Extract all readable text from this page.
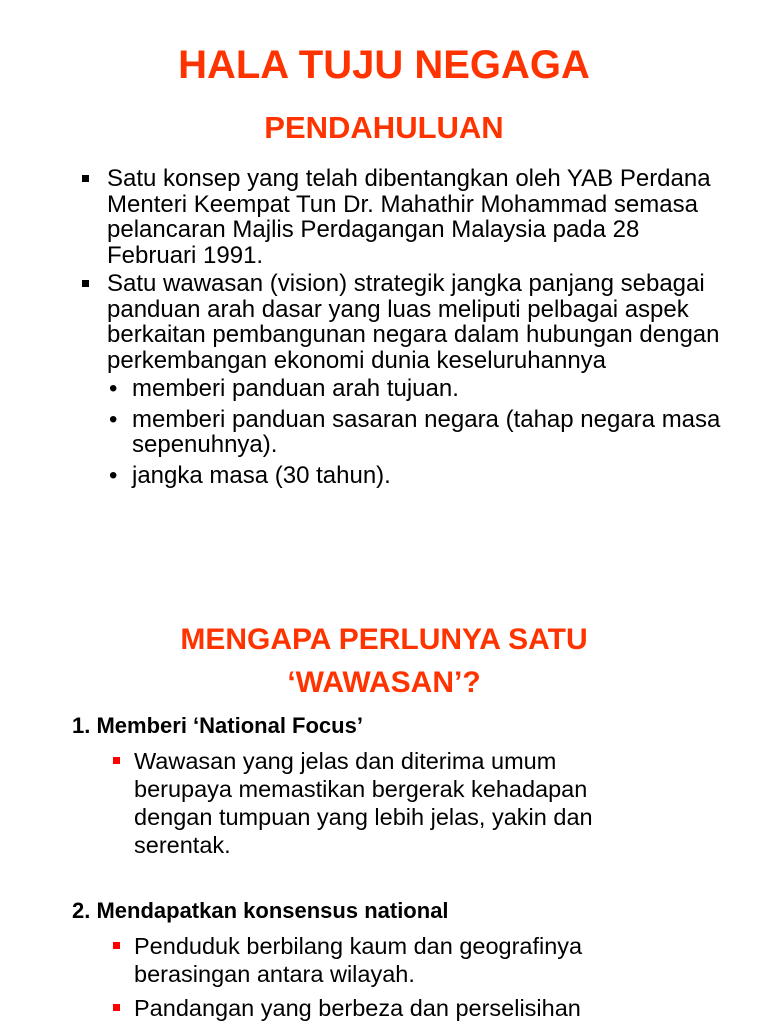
HALA TUJU NEGAGA
PENDAHULUAN
Satu konsep yang telah dibentangkan oleh YAB Perdana Menteri Keempat Tun Dr. Mahathir Mohammad semasa pelancaran Majlis Perdagangan Malaysia pada 28 Februari 1991.
Satu wawasan (vision) strategik jangka panjang sebagai panduan arah dasar yang luas meliputi pelbagai aspek berkaitan pembangunan negara dalam hubungan dengan perkembangan ekonomi dunia keseluruhannya
• memberi panduan arah tujuan.
• memberi panduan sasaran negara (tahap negara masa sepenuhnya).
• jangka masa (30 tahun).
MENGAPA PERLUNYA SATU
‘WAWASAN’?

1. Memberi ‘National Focus’

Wawasan yang jelas dan diterima umum berupaya memastikan bergerak kehadapan dengan tumpuan yang lebih jelas, yakin dan serentak.

2. Mendapatkan konsensus national

Penduduk berbilang kaum dan geografinya berasingan antara wilayah.
Pandangan yang berbeza dan perselisihan
